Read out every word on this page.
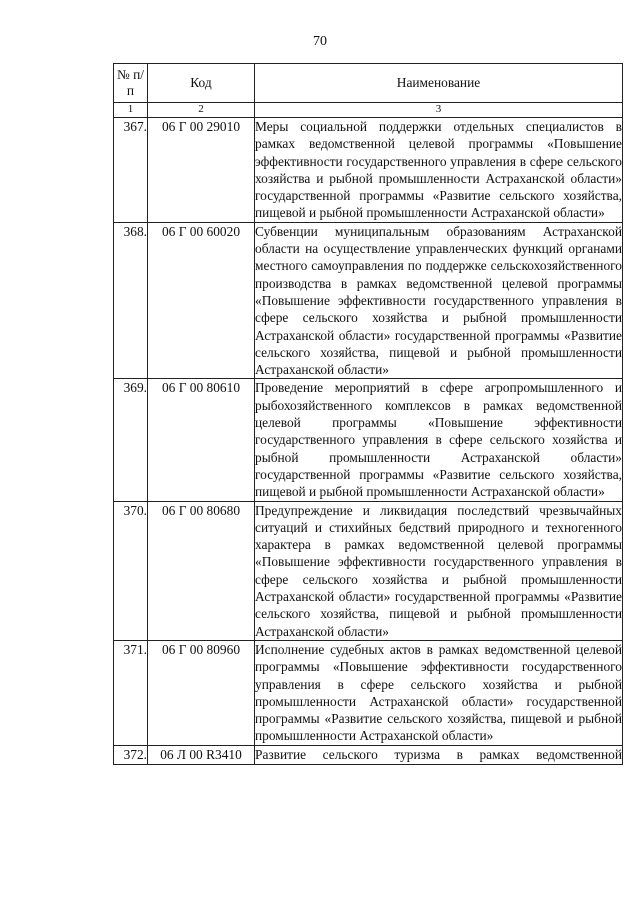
70
№ п/п	Код	Наименование
1	2	3
367.	06 Г 00 29010	Меры социальной поддержки отдельных специалистов в рамках ведомственной целевой программы «Повышение эффективности государственного управления в сфере сельского хозяйства и рыбной промышленности Астраханской области» государственной программы «Развитие сельского хозяйства, пищевой и рыбной промышленности Астраханской области»
368.	06 Г 00 60020	Субвенции муниципальным образованиям Астраханской области на осуществление управленческих функций органами местного самоуправления по поддержке сельскохозяйственного производства в рамках ведомственной целевой программы «Повышение эффективности государственного управления в сфере сельского хозяйства и рыбной промышленности Астраханской области» государственной программы «Развитие сельского хозяйства, пищевой и рыбной промышленности Астраханской области»
369.	06 Г 00 80610	Проведение мероприятий в сфере агропромышленного и рыбохозяйственного комплексов в рамках ведомственной целевой программы «Повышение эффективности государственного управления в сфере сельского хозяйства и рыбной промышленности Астраханской области» государственной программы «Развитие сельского хозяйства, пищевой и рыбной промышленности Астраханской области»
370.	06 Г 00 80680	Предупреждение и ликвидация последствий чрезвычайных ситуаций и стихийных бедствий природного и техногенного характера в рамках ведомственной целевой программы «Повышение эффективности государственного управления в сфере сельского хозяйства и рыбной промышленности Астраханской области» государственной программы «Развитие сельского хозяйства, пищевой и рыбной промышленности Астраханской области»
371.	06 Г 00 80960	Исполнение судебных актов в рамках ведомственной целевой программы «Повышение эффективности государственного управления в сфере сельского хозяйства и рыбной промышленности Астраханской области» государственной программы «Развитие сельского хозяйства, пищевой и рыбной промышленности Астраханской области»
372.	06 Л 00 R3410	Развитие сельского туризма в рамках ведомственной
